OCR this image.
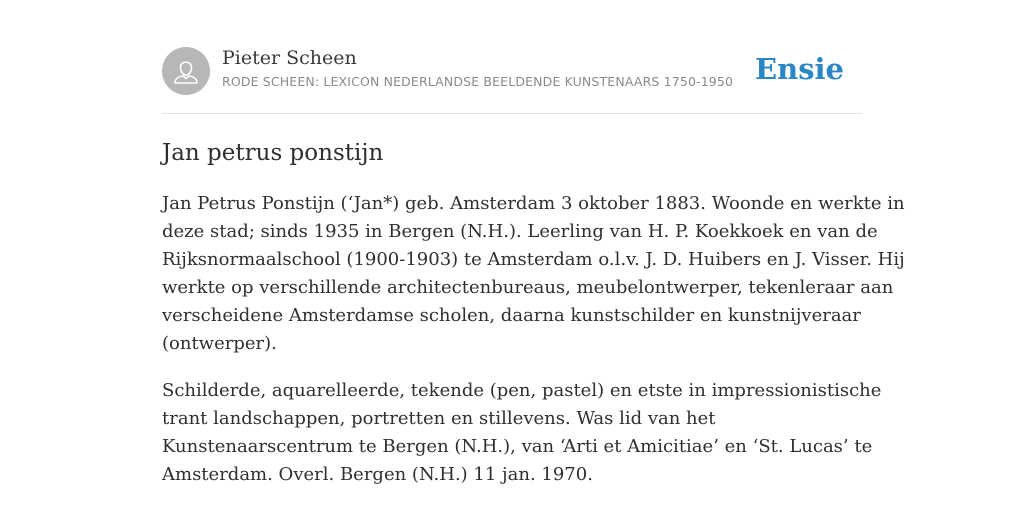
Pieter Scheen
RODE SCHEEN: LEXICON NEDERLANDSE BEELDENDE KUNSTENAARS 1750-1950 Ensie
Jan petrus ponstijn

Jan Petrus Ponstijn (‘Jan*) geb. Amsterdam 3 oktober 1883. Woonde en werkte in
deze stad; sinds 1935 in Bergen (N.H.). Leerling van H. P. Koekkoek en van de
Rijksnormaalschool (1900-1903) te Amsterdam o.l.v. J. D. Huibers en J. Visser. Hij
werkte op verschillende architectenbureaus, meubelontwerper, tekenleraar aan
verscheidene Amsterdamse scholen, daarna kunstschilder en kunstnijveraar
(ontwerper).

Schilderde, aquarelleerde, tekende (pen, pastel) en etste in impressionistische
trant landschappen, portretten en stillevens. Was lid van het
Kunstenaarscentrum te Bergen (N.H.), van ‘Arti et Amicitiae’ en ‘St. Lucas’ te
Amsterdam. Overl. Bergen (N.H.) 11 jan. 1970.
